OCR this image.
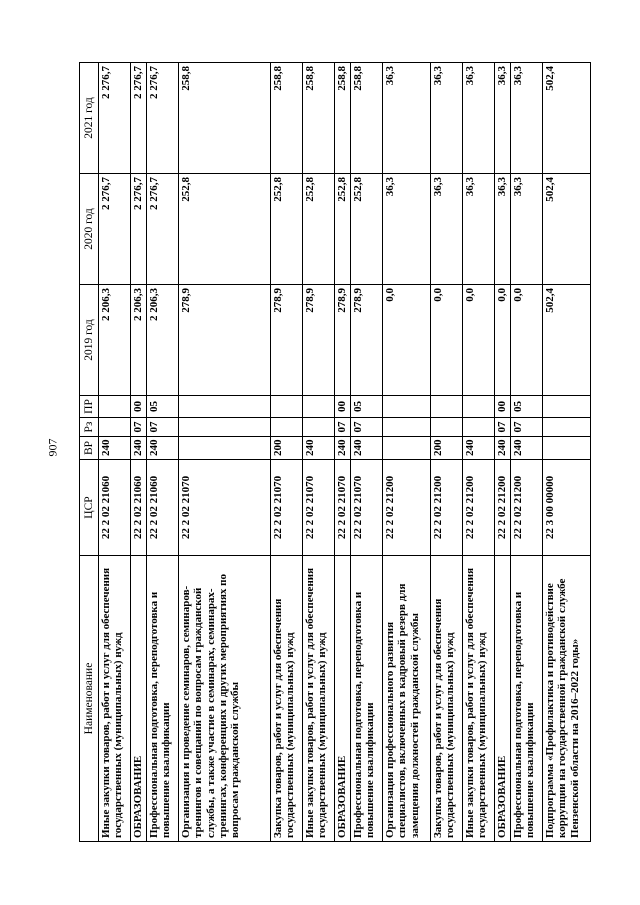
907
Наименование	ЦСР	ВР	Рз	ПР	2019 год	2020 год	2021 год
Иные закупки товаров, работ и услуг для обеспечения государственных (муниципальных) нужд	22 2 02 21060	240			2 206,3	2 276,7	2 276,7
ОБРАЗОВАНИЕ	22 2 02 21060	240	07	00	2 206,3	2 276,7	2 276,7
Профессиональная подготовка, переподготовка и повышение квалификации	22 2 02 21060	240	07	05	2 206,3	2 276,7	2 276,7
Организация и проведение семинаров, семинаров-тренингов и совещаний по вопросам гражданской службы, а также участие в семинарах, семинарах-тренингах, конференциях и других мероприятиях по вопросам гражданской службы	22 2 02 21070				278,9	252,8	258,8
Закупка товаров, работ и услуг для обеспечения государственных (муниципальных) нужд	22 2 02 21070	200			278,9	252,8	258,8
Иные закупки товаров, работ и услуг для обеспечения государственных (муниципальных) нужд	22 2 02 21070	240			278,9	252,8	258,8
ОБРАЗОВАНИЕ	22 2 02 21070	240	07	00	278,9	252,8	258,8
Профессиональная подготовка, переподготовка и повышение квалификации	22 2 02 21070	240	07	05	278,9	252,8	258,8
Организация профессионального развития специалистов, включенных в кадровый резерв для замещения должностей гражданской службы	22 2 02 21200				0,0	36,3	36,3
Закупка товаров, работ и услуг для обеспечения государственных (муниципальных) нужд	22 2 02 21200	200			0,0	36,3	36,3
Иные закупки товаров, работ и услуг для обеспечения государственных (муниципальных) нужд	22 2 02 21200	240			0,0	36,3	36,3
ОБРАЗОВАНИЕ	22 2 02 21200	240	07	00	0,0	36,3	36,3
Профессиональная подготовка, переподготовка и повышение квалификации	22 2 02 21200	240	07	05	0,0	36,3	36,3
Подпрограмма «Профилактика и противодействие коррупции на государственной гражданской службе Пензенской области на 2016–2022 годы»	22 3 00 00000				502,4	502,4	502,4
